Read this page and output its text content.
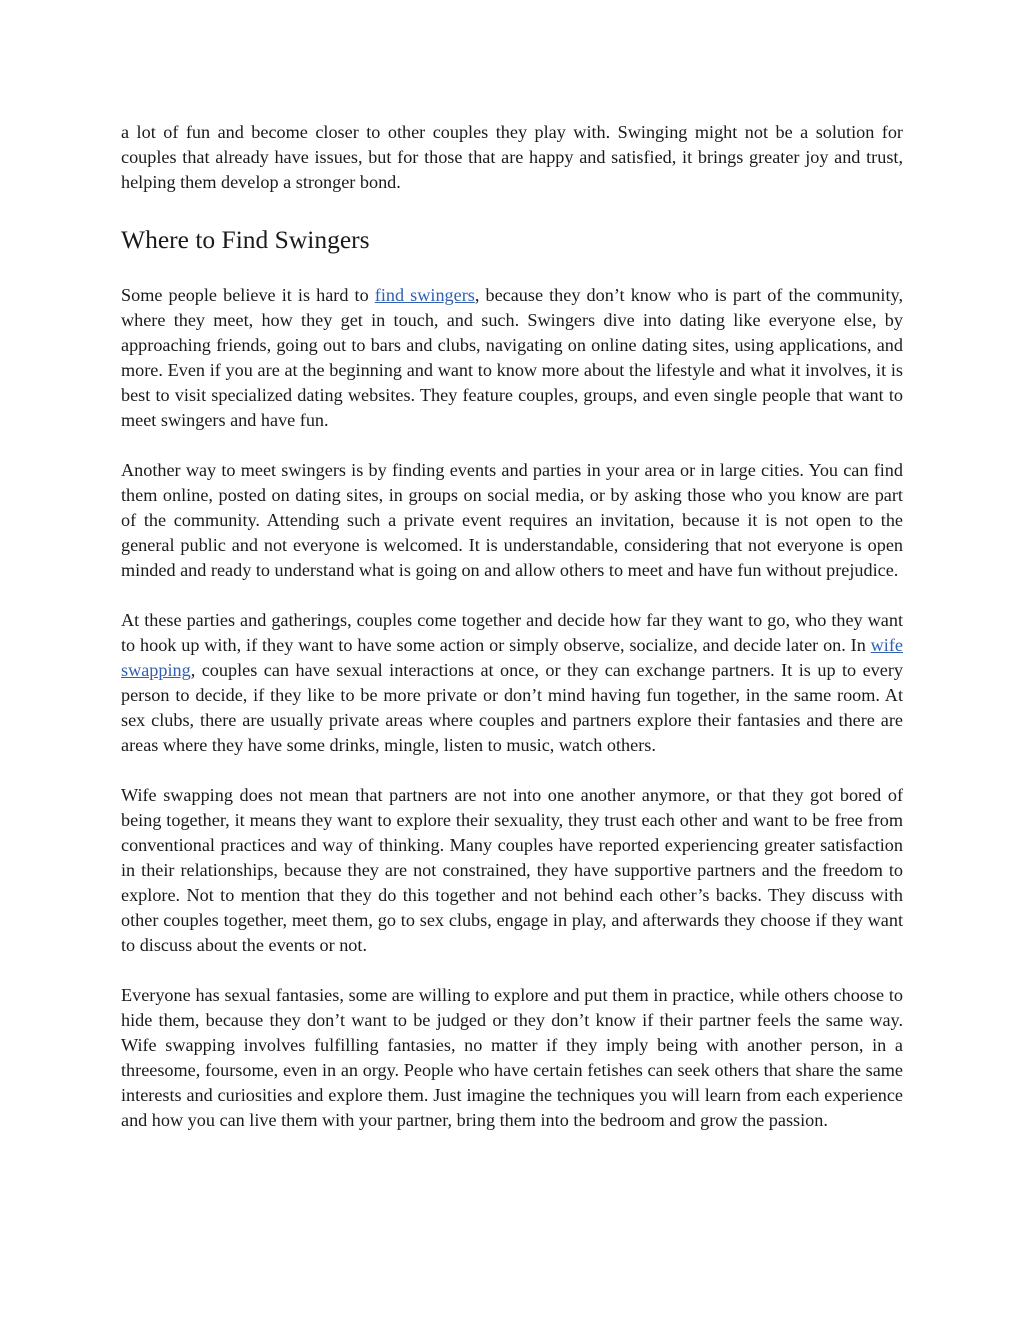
a lot of fun and become closer to other couples they play with. Swinging might not be a solution for couples that already have issues, but for those that are happy and satisfied, it brings greater joy and trust, helping them develop a stronger bond.

Where to Find Swingers

Some people believe it is hard to find swingers, because they don’t know who is part of the community, where they meet, how they get in touch, and such. Swingers dive into dating like everyone else, by approaching friends, going out to bars and clubs, navigating on online dating sites, using applications, and more. Even if you are at the beginning and want to know more about the lifestyle and what it involves, it is best to visit specialized dating websites. They feature couples, groups, and even single people that want to meet swingers and have fun.

Another way to meet swingers is by finding events and parties in your area or in large cities. You can find them online, posted on dating sites, in groups on social media, or by asking those who you know are part of the community. Attending such a private event requires an invitation, because it is not open to the general public and not everyone is welcomed. It is understandable, considering that not everyone is open minded and ready to understand what is going on and allow others to meet and have fun without prejudice.

At these parties and gatherings, couples come together and decide how far they want to go, who they want to hook up with, if they want to have some action or simply observe, socialize, and decide later on. In wife swapping, couples can have sexual interactions at once, or they can exchange partners. It is up to every person to decide, if they like to be more private or don’t mind having fun together, in the same room. At sex clubs, there are usually private areas where couples and partners explore their fantasies and there are areas where they have some drinks, mingle, listen to music, watch others.

Wife swapping does not mean that partners are not into one another anymore, or that they got bored of being together, it means they want to explore their sexuality, they trust each other and want to be free from conventional practices and way of thinking. Many couples have reported experiencing greater satisfaction in their relationships, because they are not constrained, they have supportive partners and the freedom to explore. Not to mention that they do this together and not behind each other’s backs. They discuss with other couples together, meet them, go to sex clubs, engage in play, and afterwards they choose if they want to discuss about the events or not.

Everyone has sexual fantasies, some are willing to explore and put them in practice, while others choose to hide them, because they don’t want to be judged or they don’t know if their partner feels the same way. Wife swapping involves fulfilling fantasies, no matter if they imply being with another person, in a threesome, foursome, even in an orgy. People who have certain fetishes can seek others that share the same interests and curiosities and explore them. Just imagine the techniques you will learn from each experience and how you can live them with your partner, bring them into the bedroom and grow the passion.
